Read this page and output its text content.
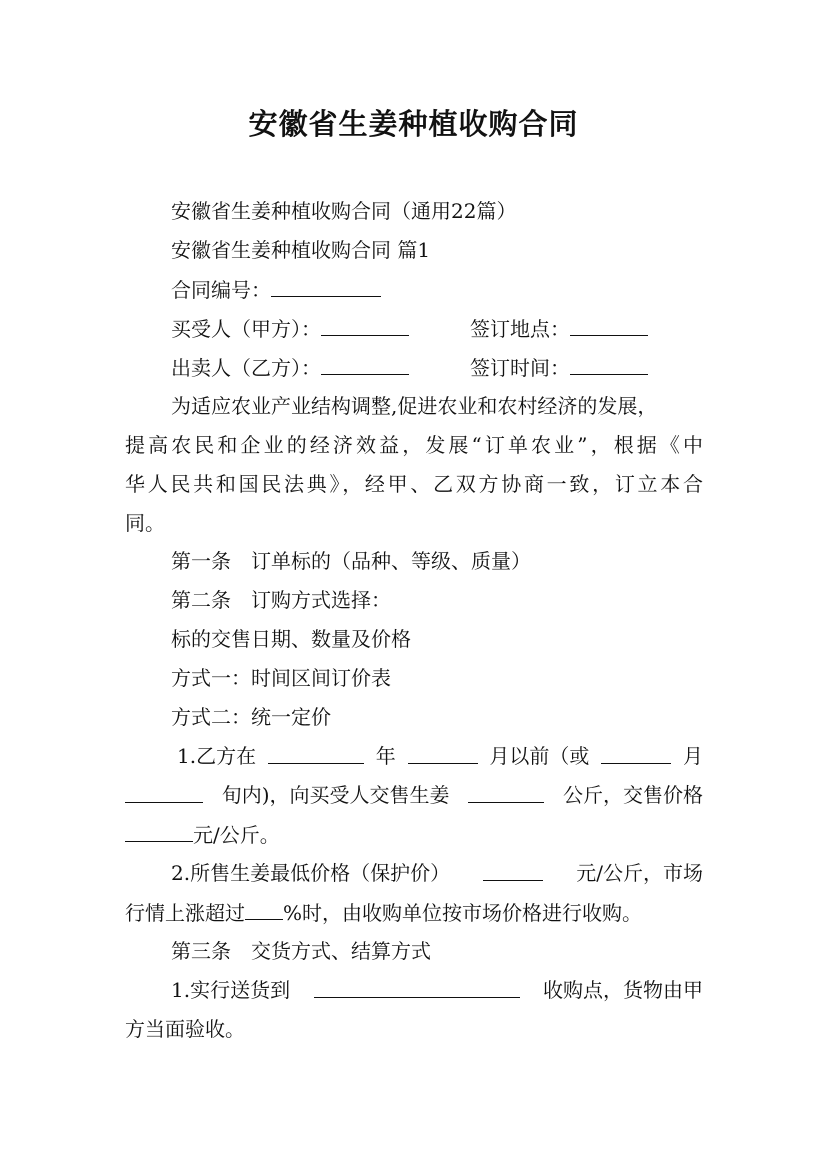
安徽省生姜种植收购合同
安徽省生姜种植收购合同（通用22篇）
安徽省生姜种植收购合同 篇1
合同编号：
买受人（甲方）：	签订地点：
出卖人（乙方）：	签订时间：
为适应农业产业结构调整,促进农业和农村经济的发展，
提高农民和企业的经济效益，发展“订单农业”，根据《中
华人民共和国民法典》，经甲、乙双方协商一致，订立本合
同。
第一条　订单标的（品种、等级、质量）
第二条　订购方式选择：
标的交售日期、数量及价格
方式一：时间区间订价表
方式二：统一定价
1.乙方在	年	月以前（或	月
旬内)，向买受人交售生姜	公斤，交售价格
元/公斤。
2.所售生姜最低价格（保护价）	元/公斤，市场
行情上涨超过 %时，由收购单位按市场价格进行收购。
第三条　交货方式、结算方式
1.实行送货到	收购点，货物由甲
方当面验收。
